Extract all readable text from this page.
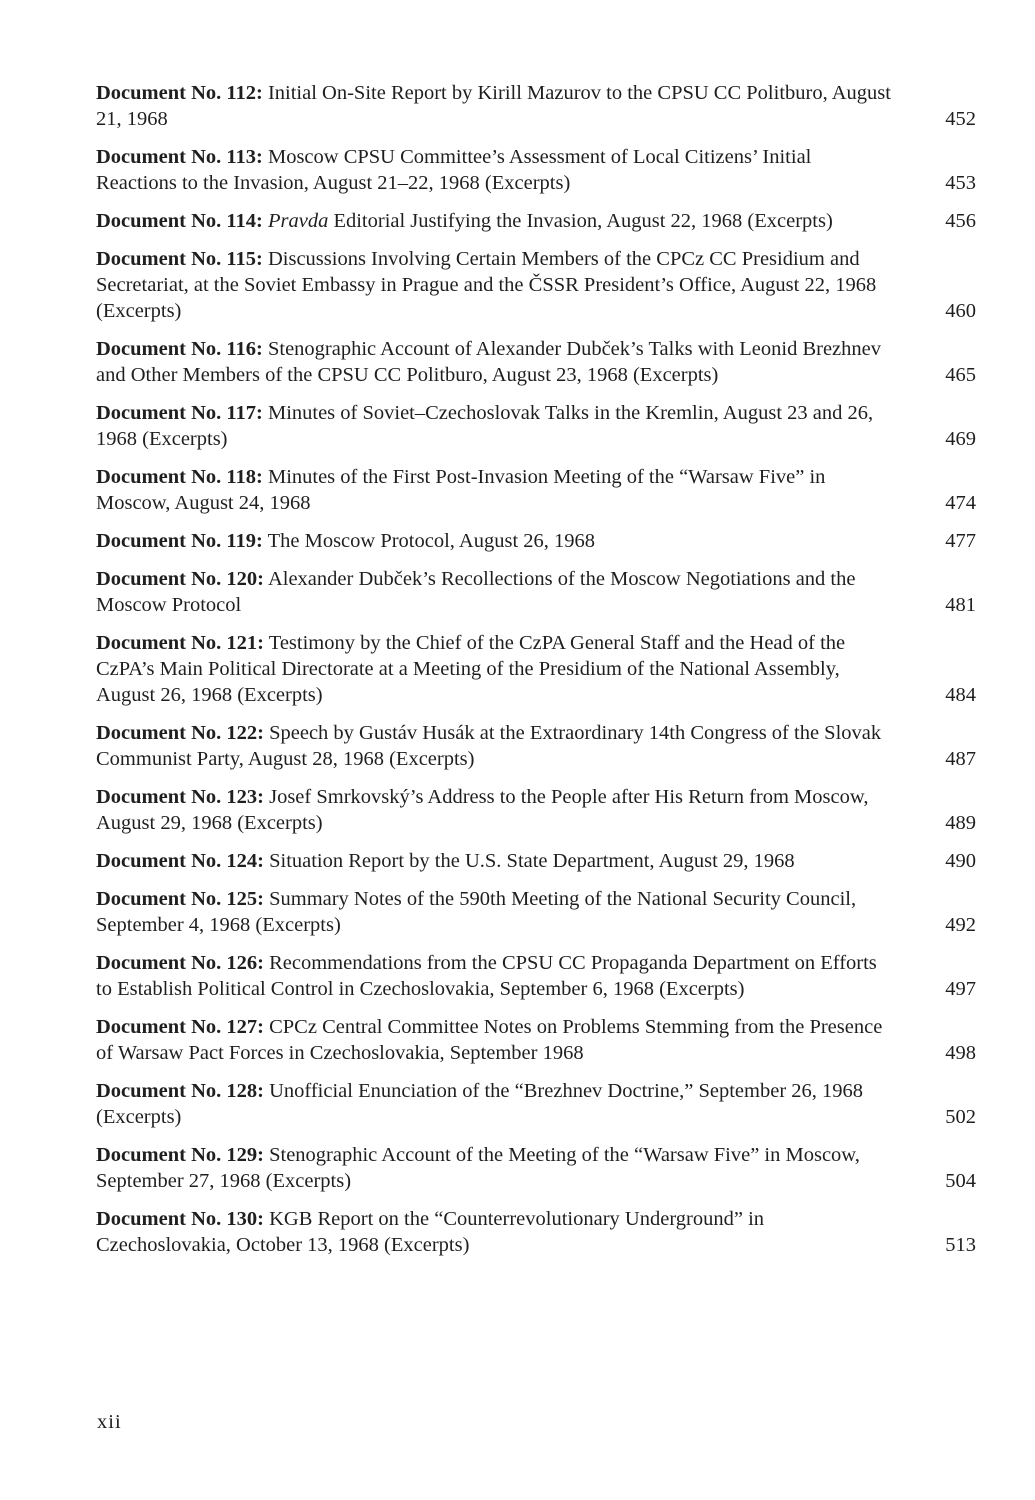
Document No. 112: Initial On-Site Report by Kirill Mazurov to the CPSU CC Politburo, August 21, 1968	452
Document No. 113: Moscow CPSU Committee’s Assessment of Local Citizens’ Initial Reactions to the Invasion, August 21–22, 1968 (Excerpts)	453
Document No. 114: Pravda Editorial Justifying the Invasion, August 22, 1968 (Excerpts)	456
Document No. 115: Discussions Involving Certain Members of the CPCz CC Presidium and Secretariat, at the Soviet Embassy in Prague and the ČSSR President’s Office, August 22, 1968 (Excerpts)	460
Document No. 116: Stenographic Account of Alexander Dubček’s Talks with Leonid Brezhnev and Other Members of the CPSU CC Politburo, August 23, 1968 (Excerpts)	465
Document No. 117: Minutes of Soviet–Czechoslovak Talks in the Kremlin, August 23 and 26, 1968 (Excerpts)	469
Document No. 118: Minutes of the First Post-Invasion Meeting of the “Warsaw Five” in Moscow, August 24, 1968	474
Document No. 119: The Moscow Protocol, August 26, 1968	477
Document No. 120: Alexander Dubček’s Recollections of the Moscow Negotiations and the Moscow Protocol	481
Document No. 121: Testimony by the Chief of the CzPA General Staff and the Head of the CzPA’s Main Political Directorate at a Meeting of the Presidium of the National Assembly, August 26, 1968 (Excerpts)	484
Document No. 122: Speech by Gustáv Husák at the Extraordinary 14th Congress of the Slovak Communist Party, August 28, 1968 (Excerpts)	487
Document No. 123: Josef Smrkovský’s Address to the People after His Return from Moscow, August 29, 1968 (Excerpts)	489
Document No. 124: Situation Report by the U.S. State Department, August 29, 1968	490
Document No. 125: Summary Notes of the 590th Meeting of the National Security Council, September 4, 1968 (Excerpts)	492
Document No. 126: Recommendations from the CPSU CC Propaganda Department on Efforts to Establish Political Control in Czechoslovakia, September 6, 1968 (Excerpts)	497
Document No. 127: CPCz Central Committee Notes on Problems Stemming from the Presence of Warsaw Pact Forces in Czechoslovakia, September 1968	498
Document No. 128: Unofficial Enunciation of the “Brezhnev Doctrine,” September 26, 1968 (Excerpts)	502
Document No. 129: Stenographic Account of the Meeting of the “Warsaw Five” in Moscow, September 27, 1968 (Excerpts)	504
Document No. 130: KGB Report on the “Counterrevolutionary Underground” in Czechoslovakia, October 13, 1968 (Excerpts)	513
xii
